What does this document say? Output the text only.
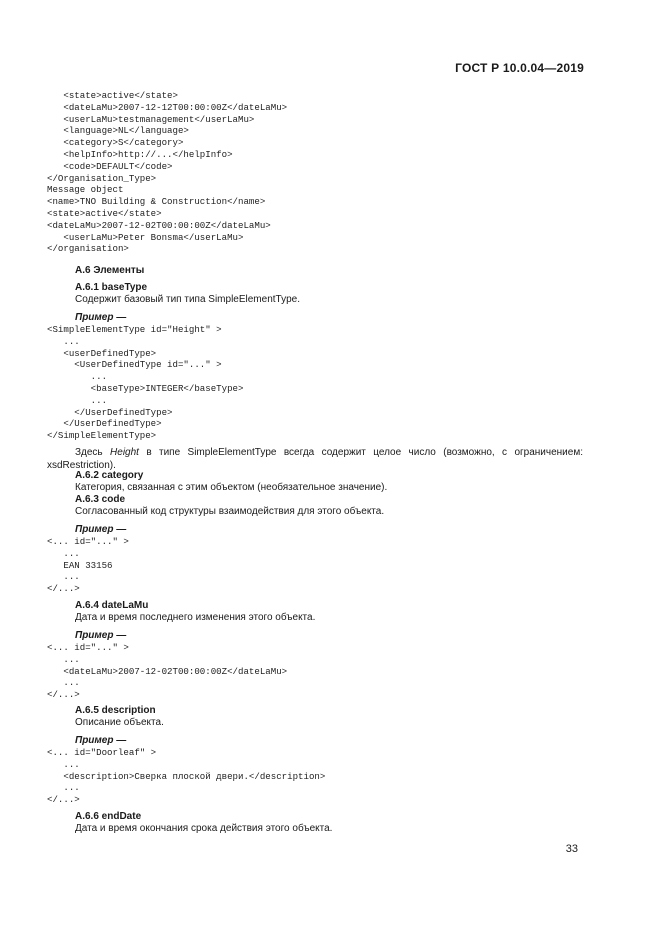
ГОСТ Р 10.0.04—2019
<state>active</state>
<dateLaMu>2007-12-12T00:00:00Z</dateLaMu>
<userLaMu>testmanagement</userLaMu>
<language>NL</language>
<category>S</category>
<helpInfo>http://...</helpInfo>
<code>DEFAULT</code>
</Organisation_Type>
Message object
<name>TNO Building & Construction</name>
<state>active</state>
<dateLaMu>2007-12-02T00:00:00Z</dateLaMu>
<userLaMu>Peter Bonsma</userLaMu>
</organisation>
А.6 Элементы
А.6.1 baseType
Содержит базовый тип типа SimpleElementType.
Пример —
<SimpleElementType id="Height" >
...
<userDefinedType>
<UserDefinedType id="..." >
...
<baseType>INTEGER</baseType>
...
</UserDefinedType>
</UserDefinedType>
</SimpleElementType>
Здесь Height в типе SimpleElementType всегда содержит целое число (возможно, с ограничением: xsdRestriction).
А.6.2 category
Категория, связанная с этим объектом (необязательное значение).
А.6.3 code
Согласованный код структуры взаимодействия для этого объекта.
Пример —
<... id="..." >
...
EAN 33156
...
</...>
А.6.4 dateLaMu
Дата и время последнего изменения этого объекта.
Пример —
<... id="..." >
...
<dateLaMu>2007-12-02T00:00:00Z</dateLaMu>
...
</...>
А.6.5 description
Описание объекта.
Пример —
<... id="Doorleaf" >
...
<description>Сверка плоской двери.</description>
...
</...>
А.6.6 endDate
Дата и время окончания срока действия этого объекта.
33
